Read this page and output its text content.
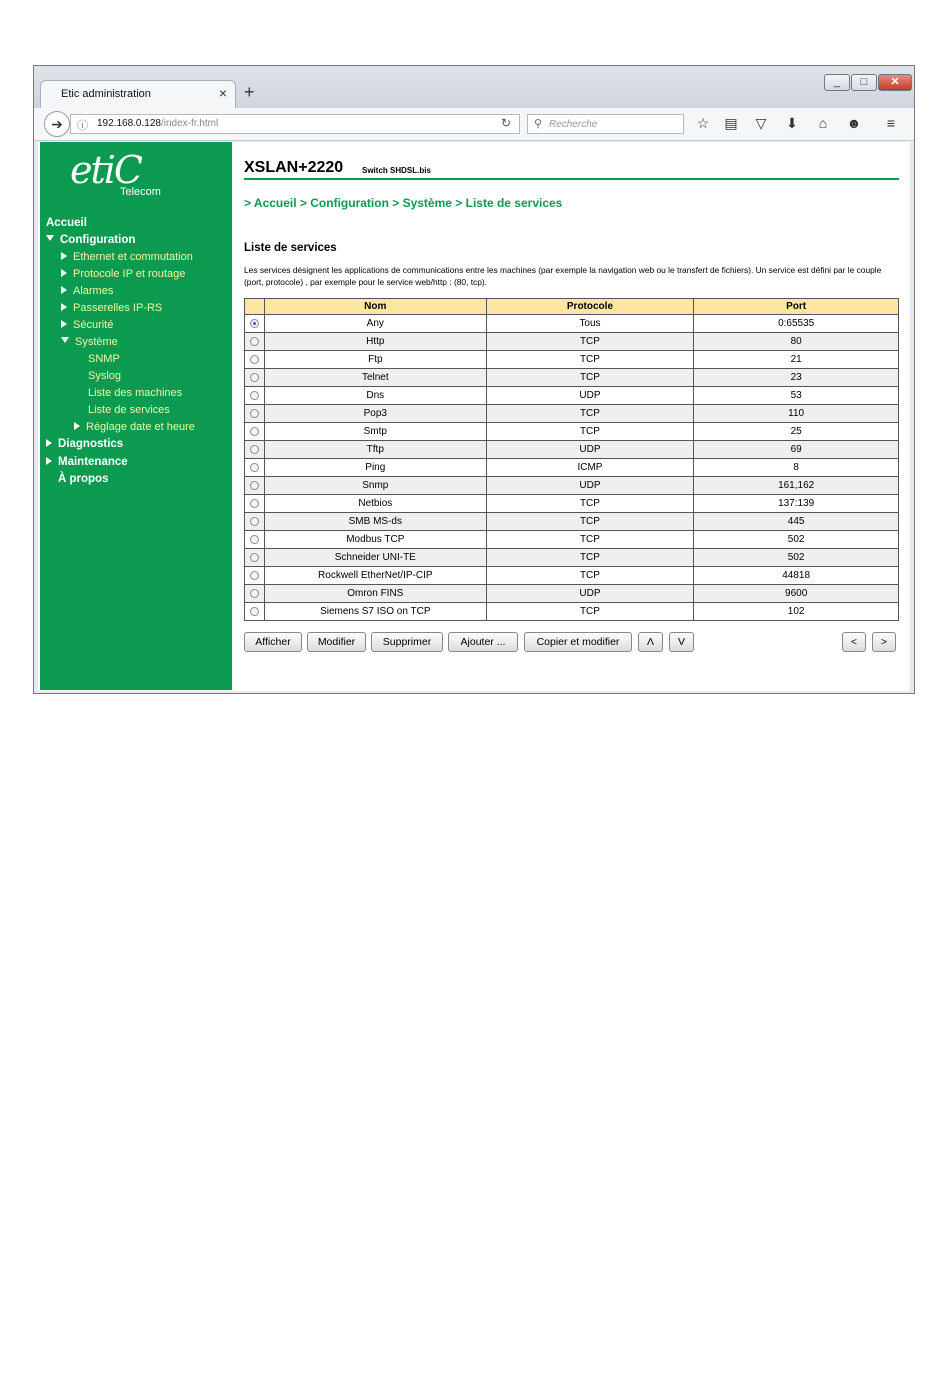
Etic administration	× +	_	□	✕
➔	ⓘ 192.168.0.128/index-fr.html	↻ ⚲ Recherche	☆ ▤ ▽ ⬇	⌂	☻	≡
etiC
Telecom
Accueil
Configuration
Ethernet et commutation
Protocole IP et routage
Alarmes
Passerelles IP-RS
Sécurité
Système
SNMP
Syslog
Liste des machines
Liste de services
Réglage date et heure
Diagnostics
Maintenance
À propos
XSLAN+2220 Switch SHDSL.bis
> Accueil > Configuration > Système > Liste de services
Liste de services
Les services désignent les applications de communications entre les machines (par exemple la navigation web ou le transfert de fichiers). Un service est défini par le couple (port, protocole) , par exemple pour le service web/http : (80, tcp).
	Nom	Protocole	Port
	Any	Tous	0:65535
	Http	TCP	80
	Ftp	TCP	21
	Telnet	TCP	23
	Dns	UDP	53
	Pop3	TCP	110
	Smtp	TCP	25
	Tftp	UDP	69
	Ping	ICMP	8
	Snmp	UDP	161,162
	Netbios	TCP	137:139
	SMB MS-ds	TCP	445
	Modbus TCP	TCP	502
	Schneider UNI-TE	TCP	502
	Rockwell EtherNet/IP-CIP	TCP	44818
	Omron FINS	UDP	9600
	Siemens S7 ISO on TCP	TCP	102
Afficher	Modifier	Supprimer	Ajouter ...	Copier et modifier	Λ	V	<	>
